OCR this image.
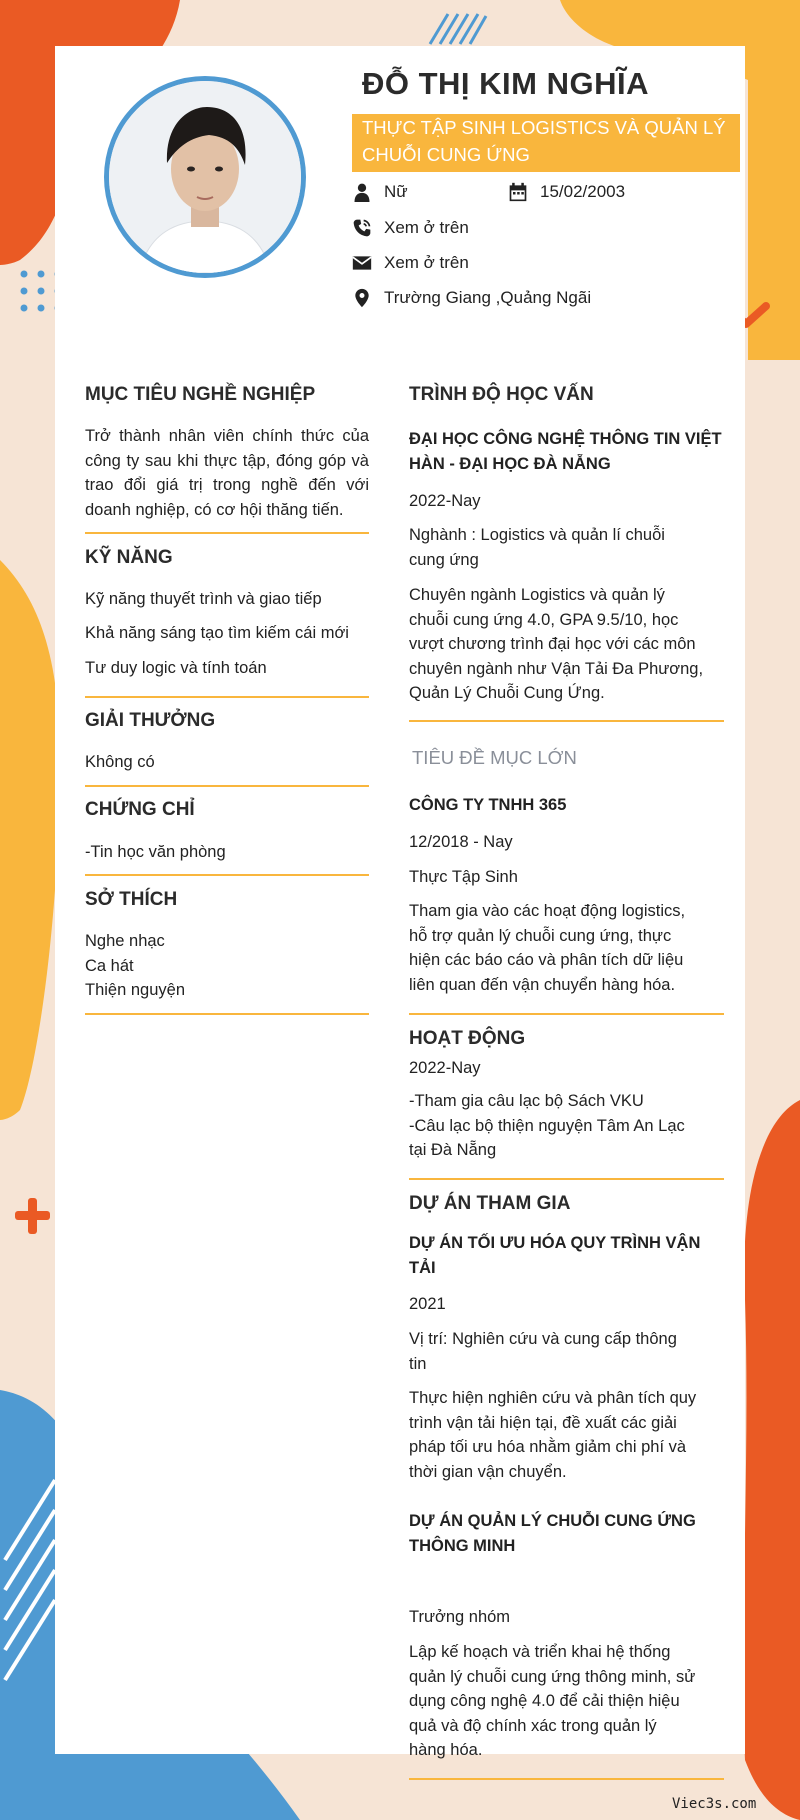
ĐỖ THỊ KIM NGHĨA
THỰC TẬP SINH LOGISTICS VÀ QUẢN LÝ CHUỖI CUNG ỨNG
Nữ	15/02/2003
Xem ở trên
Xem ở trên
Trường Giang ,Quảng Ngãi
MỤC TIÊU NGHỀ NGHIỆP
Trở thành nhân viên chính thức của
công ty sau khi thực tập, đóng góp và
trao đổi giá trị trong nghề đến với
doanh nghiệp, có cơ hội thăng tiến.
KỸ NĂNG
Kỹ năng thuyết trình và giao tiếp
Khả năng sáng tạo tìm kiếm cái mới
Tư duy logic và tính toán
GIẢI THƯỞNG
Không có
CHỨNG CHỈ
-Tin học văn phòng
SỞ THÍCH
Nghe nhạc
Ca hát
Thiện nguyện
TRÌNH ĐỘ HỌC VẤN
ĐẠI HỌC CÔNG NGHỆ THÔNG TIN VIỆT
HÀN - ĐẠI HỌC ĐÀ NẴNG
2022-Nay
Nghành : Logistics và quản lí chuỗi
cung ứng
Chuyên ngành Logistics và quản lý
chuỗi cung ứng 4.0, GPA 9.5/10, học
vượt chương trình đại học với các môn
chuyên ngành như Vận Tải Đa Phương,
Quản Lý Chuỗi Cung Ứng.
TIÊU ĐỀ MỤC LỚN
CÔNG TY TNHH 365
12/2018 - Nay
Thực Tập Sinh
Tham gia vào các hoạt động logistics,
hỗ trợ quản lý chuỗi cung ứng, thực
hiện các báo cáo và phân tích dữ liệu
liên quan đến vận chuyển hàng hóa.
HOẠT ĐỘNG
2022-Nay
-Tham gia câu lạc bộ Sách VKU
-Câu lạc bộ thiện nguyện Tâm An Lạc
tại Đà Nẵng
DỰ ÁN THAM GIA
DỰ ÁN TỐI ƯU HÓA QUY TRÌNH VẬN
TẢI
2021
Vị trí: Nghiên cứu và cung cấp thông
tin
Thực hiện nghiên cứu và phân tích quy
trình vận tải hiện tại, đề xuất các giải
pháp tối ưu hóa nhằm giảm chi phí và
thời gian vận chuyển.
DỰ ÁN QUẢN LÝ CHUỖI CUNG ỨNG
THÔNG MINH
Trưởng nhóm
Lập kế hoạch và triển khai hệ thống
quản lý chuỗi cung ứng thông minh, sử
dụng công nghệ 4.0 để cải thiện hiệu
quả và độ chính xác trong quản lý
hàng hóa.
Viec3s.com
